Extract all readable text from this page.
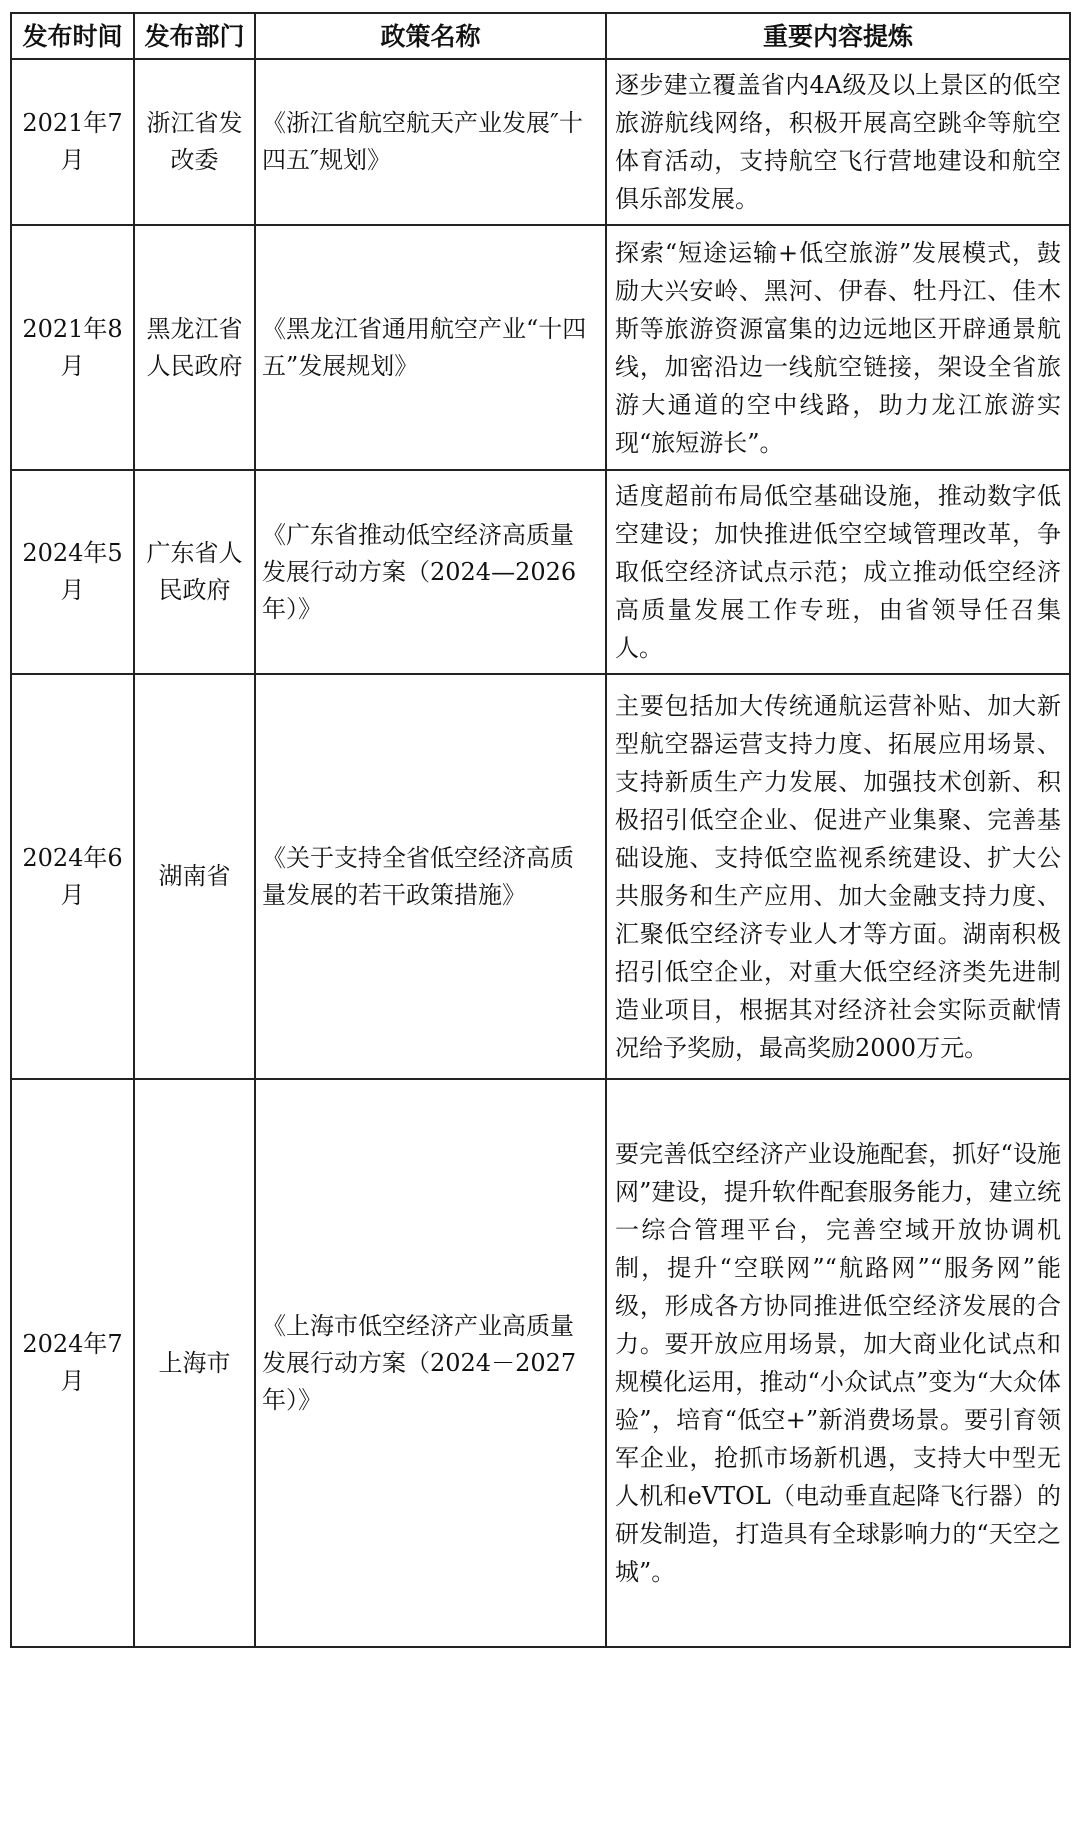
发布时间	发布部门	政策名称	重要内容提炼
2021年7月	浙江省发改委	《浙江省航空航天产业发展″十四五″规划》	逐步建立覆盖省内4A级及以上景区的低空旅游航线网络，积极开展高空跳伞等航空体育活动，支持航空飞行营地建设和航空俱乐部发展。
2021年8月	黑龙江省人民政府	《黑龙江省通用航空产业“十四五”发展规划》	探索“短途运输+低空旅游”发展模式，鼓励大兴安岭、黑河、伊春、牡丹江、佳木斯等旅游资源富集的边远地区开辟通景航线，加密沿边一线航空链接，架设全省旅游大通道的空中线路，助力龙江旅游实现“旅短游长”。
2024年5月	广东省人民政府	《广东省推动低空经济高质量发展行动方案（2024—2026年）》	适度超前布局低空基础设施，推动数字低空建设；加快推进低空空域管理改革，争取低空经济试点示范；成立推动低空经济高质量发展工作专班，由省领导任召集人。
2024年6月	湖南省	《关于支持全省低空经济高质量发展的若干政策措施》	主要包括加大传统通航运营补贴、加大新型航空器运营支持力度、拓展应用场景、支持新质生产力发展、加强技术创新、积极招引低空企业、促进产业集聚、完善基础设施、支持低空监视系统建设、扩大公共服务和生产应用、加大金融支持力度、汇聚低空经济专业人才等方面。湖南积极招引低空企业，对重大低空经济类先进制造业项目，根据其对经济社会实际贡献情况给予奖励，最高奖励2000万元。
2024年7月	上海市	《上海市低空经济产业高质量发展行动方案（2024－2027年）》	要完善低空经济产业设施配套，抓好“设施网”建设，提升软件配套服务能力，建立统一综合管理平台，完善空域开放协调机制，提升“空联网”“航路网”“服务网”能级，形成各方协同推进低空经济发展的合力。要开放应用场景，加大商业化试点和规模化运用，推动“小众试点”变为“大众体验”，培育“低空+”新消费场景。要引育领军企业，抢抓市场新机遇，支持大中型无人机和eVTOL（电动垂直起降飞行器）的研发制造，打造具有全球影响力的“天空之城”。
